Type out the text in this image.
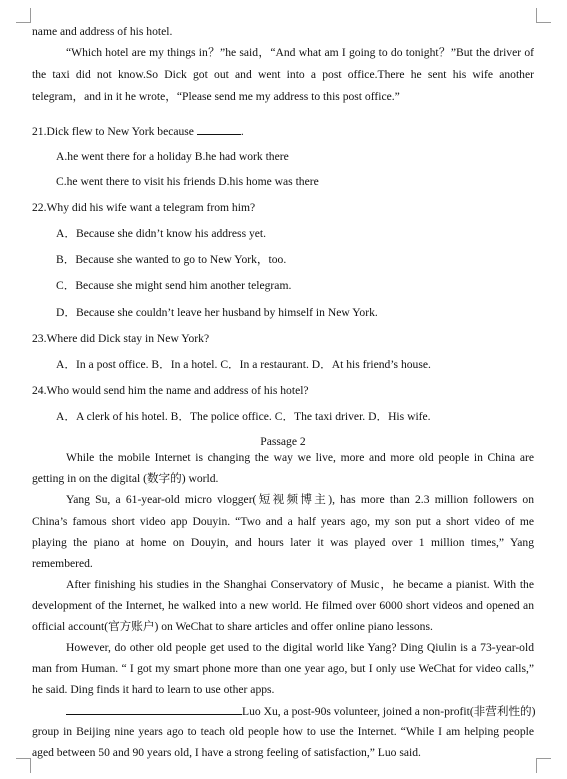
name and address of his hotel.
“Which hotel are my things in？”he said，“And what am I going to do tonight？”But the driver of
the taxi did not know.So Dick got out and went into a post office.There he sent his wife another
telegram，and in it he wrote，“Please send me my address to this post office.”
21.Dick flew to New York because	.
A.he went there for a holiday B.he had work there
C.he went there to visit his friends D.his home was there
22.Why did his wife want a telegram from him?
A．Because she didn’t know his address yet.
B．Because she wanted to go to New York，too.
C．Because she might send him another telegram.
D．Because she couldn’t leave her husband by himself in New York.
23.Where did Dick stay in New York?
A．In a post office. B．In a hotel. C．In a restaurant. D．At his friend’s house.
24.Who would send him the name and address of his hotel?
A．A clerk of his hotel. B．The police office. C．The taxi driver. D．His wife.
Passage 2
While the mobile Internet is changing the way we live, more and more old people in China are
getting in on the digital (数字的) world.
Yang Su, a 61-year-old micro vlogger(短视频博主), has more than 2.3 million followers on
China’s famous short video app Douyin. “Two and a half years ago, my son put a short video of me
playing the piano at home on Douyin, and hours later it was played over 1 million times,” Yang
remembered.
After finishing his studies in the Shanghai Conservatory of Music，he became a pianist. With the
development of the Internet, he walked into a new world. He filmed over 6000 short videos and opened an
official account(官方账户) on WeChat to share articles and offer online piano lessons.
However, do other old people get used to the digital world like Yang? Ding Qiulin is a 73-year-old
man from Human. “ I got my smart phone more than one year ago, but I only use WeChat for video calls,”
he said. Ding finds it hard to learn to use other apps.
Luo Xu, a post-90s volunteer, joined a non-profit(非营利性的)
group in Beijing nine years ago to teach old people how to use the Internet. “While I am helping people
aged between 50 and 90 years old, I have a strong feeling of satisfaction,” Luo said.
